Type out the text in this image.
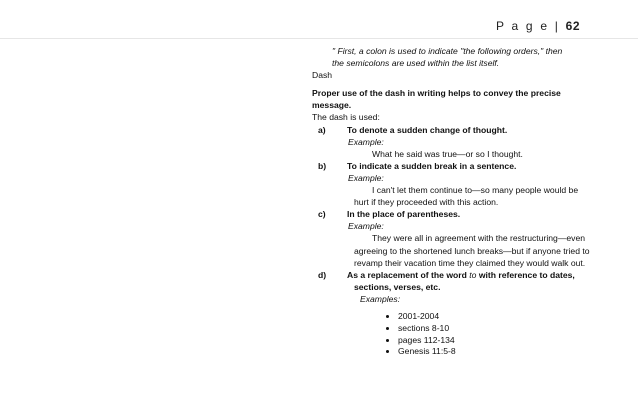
P a g e | 62

" First, a colon is used to indicate "the following orders," then

the semicolons are used within the list itself.

Dash

Proper use of the dash in writing helps to convey the precise

message.

The dash is used:

a)	To denote a sudden change of thought.

Example:

What he said was true—or so I thought.

b)	To indicate a sudden break in a sentence.

Example:

I can't let them continue to—so many people would be

hurt if they proceeded with this action.

c)	In the place of parentheses.

Example:

They were all in agreement with the restructuring—even

agreeing to the shortened lunch breaks—but if anyone tried to

revamp their vacation time they claimed they would walk out.

d)	As a replacement of the word to with reference to dates,

sections, verses, etc.

Examples:

2001-2004
sections 8-10
pages 112-134
Genesis 11:5-8
